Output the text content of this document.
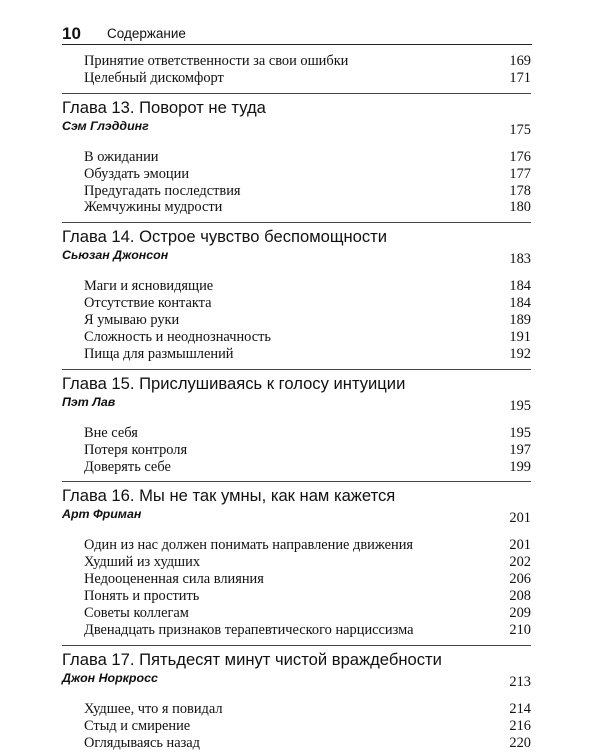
10 Содержание
Принятие ответственности за свои ошибки	169
Целебный дискомфорт	171
Глава 13. Поворот не туда
Сэм Глэддинг	175
В ожидании	176
Обуздать эмоции	177
Предугадать последствия	178
Жемчужины мудрости	180
Глава 14. Острое чувство беспомощности
Сьюзан Джонсон	183
Маги и ясновидящие	184
Отсутствие контакта	184
Я умываю руки	189
Сложность и неоднозначность	191
Пища для размышлений	192
Глава 15. Прислушиваясь к голосу интуиции
Пэт Лав	195
Вне себя	195
Потеря контроля	197
Доверять себе	199
Глава 16. Мы не так умны, как нам кажется
Арт Фриман	201
Один из нас должен понимать направление движения	201
Худший из худших	202
Недооцененная сила влияния	206
Понять и простить	208
Советы коллегам	209
Двенадцать признаков терапевтического нарциссизма	210
Глава 17. Пятьдесят минут чистой враждебности
Джон Норкросс	213
Худшее, что я повидал	214
Стыд и смирение	216
Оглядываясь назад	220
